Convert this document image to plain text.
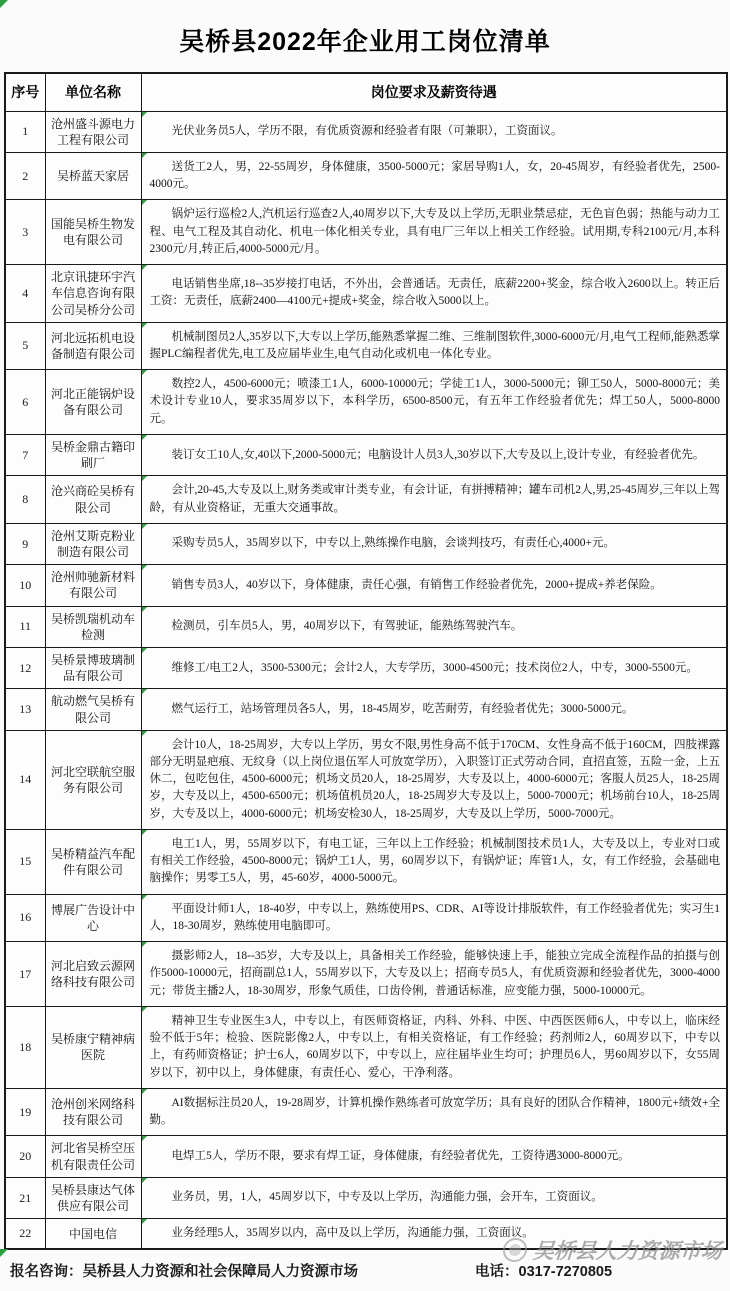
吴桥县2022年企业用工岗位清单
序号	单位名称	岗位要求及薪资待遇
1	沧州盛斗源电力工程有限公司	光伏业务员5人，学历不限，有优质资源和经验者有限（可兼职），工资面议。
2	吴桥蓝天家居	送货工2人，男，22-55周岁，身体健康，3500-5000元；家居导购1人，女，20-45周岁，有经验者优先，2500-4000元。
3	国能吴桥生物发电有限公司	锅炉运行巡检2人,汽机运行巡查2人,40周岁以下,大专及以上学历,无职业禁忌症，无色盲色弱；热能与动力工程、电气工程及其自动化、机电一体化相关专业，具有电厂三年以上相关工作经验。试用期,专科2100元/月,本科2300元/月,转正后,4000-5000元/月。
4	北京讯捷环宇汽车信息咨询有限公司吴桥分公司	电话销售坐席,18--35岁接打电话，不外出，会普通话。无责任，底薪2200+奖金，综合收入2600以上。转正后工资：无责任，底薪2400—4100元+提成+奖金，综合收入5000以上。
5	河北远拓机电设备制造有限公司	机械制图员2人,35岁以下,大专以上学历,能熟悉掌握二维、三维制图软件,3000-6000元/月,电气工程师,能熟悉掌握PLC编程者优先,电工及应届毕业生,电气自动化或机电一体化专业。
6	河北正能锅炉设备有限公司	数控2人，4500-6000元；喷漆工1人，6000-10000元；学徒工1人，3000-5000元；铆工50人，5000-8000元；美术设计专业10人，要求35周岁以下，本科学历，6500-8500元，有五年工作经验者优先；焊工50人，5000-8000元。
7	吴桥金鼎古籍印刷厂	装订女工10人,女,40以下,2000-5000元；电脑设计人员3人,30岁以下,大专及以上,设计专业，有经验者优先。
8	沧兴商砼吴桥有限公司	会计,20-45,大专及以上,财务类或审计类专业，有会计证，有拼搏精神；罐车司机2人,男,25-45周岁,三年以上驾龄，有从业资格证，无重大交通事故。
9	沧州艾斯克粉业制造有限公司	采购专员5人，35周岁以下，中专以上,熟练操作电脑，会谈判技巧，有责任心,4000+元。
10	沧州帅驰新材料有限公司	销售专员3人，40岁以下，身体健康，责任心强，有销售工作经验者优先，2000+提成+养老保险。
11	吴桥凯瑞机动车检测	检测员，引车员5人，男，40周岁以下，有驾驶证，能熟练驾驶汽车。
12	吴桥景博玻璃制品有限公司	维修工/电工2人，3500-5300元；会计2人，大专学历，3000-4500元；技术岗位2人，中专，3000-5500元。
13	航动燃气吴桥有限公司	燃气运行工，站场管理员各5人，男，18-45周岁，吃苦耐劳，有经验者优先；3000-5000元。
14	河北空联航空服务有限公司	会计10人，18-25周岁，大专以上学历，男女不限,男性身高不低于170CM、女性身高不低于160CM，四肢裸露部分无明显疤痕、无纹身（以上岗位退伍军人可放宽学历），入职签订正式劳动合同，直招直签，五险一金，上五休二，包吃包住，4500-6000元；机场文员20人，18-25周岁，大专及以上，4000-6000元；客服人员25人，18-25周岁，大专及以上，4500-6500元；机场值机员20人，18-25周岁大专及以上，5000-7000元；机场前台10人，18-25周岁，大专及以上，4000-6000元；机场安检30人，18-25周岁，大专及以上学历，5000-7000元。
15	吴桥精益汽车配件有限公司	电工1人，男，55周岁以下，有电工证，三年以上工作经验；机械制图技术员1人，大专及以上，专业对口或有相关工作经验，4500-8000元；锅炉工1人，男，60周岁以下，有锅炉证；库管1人，女，有工作经验，会基础电脑操作；男零工5人，男，45-60岁，4000-5000元。
16	博展广告设计中心	平面设计师1人，18-40岁，中专以上，熟练使用PS、CDR、AI等设计排版软件，有工作经验者优先；实习生1人，18-30周岁，熟练使用电脑即可。
17	河北启致云源网络科技有限公司	摄影师2人，18--35岁，大专及以上，具备相关工作经验，能够快速上手，能独立完成全流程作品的拍摄与创作5000-10000元，招商副总1人，55周岁以下，大专及以上；招商专员5人，有优质资源和经验者优先，3000-4000元；带货主播2人，18-30周岁，形象气质佳，口齿伶俐，普通话标准，应变能力强，5000-10000元。
18	吴桥康宁精神病医院	精神卫生专业医生3人，中专以上，有医师资格证，内科、外科、中医、中西医医师6人，中专以上，临床经验不低于5年；检验、医院影像2人，中专以上，有相关资格证，有工作经验；药剂师2人，60周岁以下，中专以上，有药师资格证；护士6人，60周岁以下，中专以上，应往届毕业生均可；护理员6人，男60周岁以下，女55周岁以下，初中以上，身体健康，有责任心、爱心，干净利落。
19	沧州创米网络科技有限公司	AI数据标注员20人，19-28周岁，计算机操作熟练者可放宽学历；具有良好的团队合作精神，1800元+绩效+全勤。
20	河北省吴桥空压机有限责任公司	电焊工5人，学历不限，要求有焊工证，身体健康，有经验者优先，工资待遇3000-8000元。
21	吴桥县康达气体供应有限公司	业务员，男，1人，45周岁以下，中专及以上学历，沟通能力强，会开车，工资面议。
22	中国电信	业务经理5人，35周岁以内，高中及以上学历，沟通能力强，工资面议。
报名咨询：吴桥县人力资源和社会保障局人力资源市场	电话：0317-7270805
吴桥县人力资源市场
